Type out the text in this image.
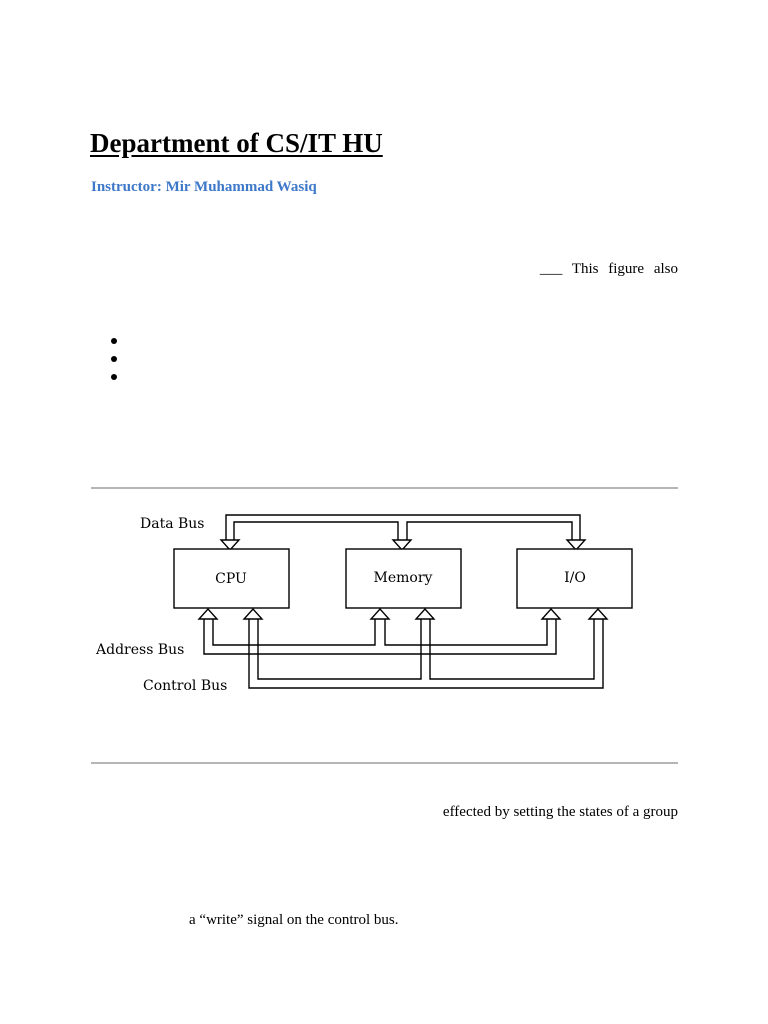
Department of CS/IT HU
Instructor: Mir Muhammad Wasiq
___ This figure also
Data Bus
CPU	Memory	I/O
Address Bus
Control Bus
effected by setting the states of a group
a “write” signal on the control bus.
